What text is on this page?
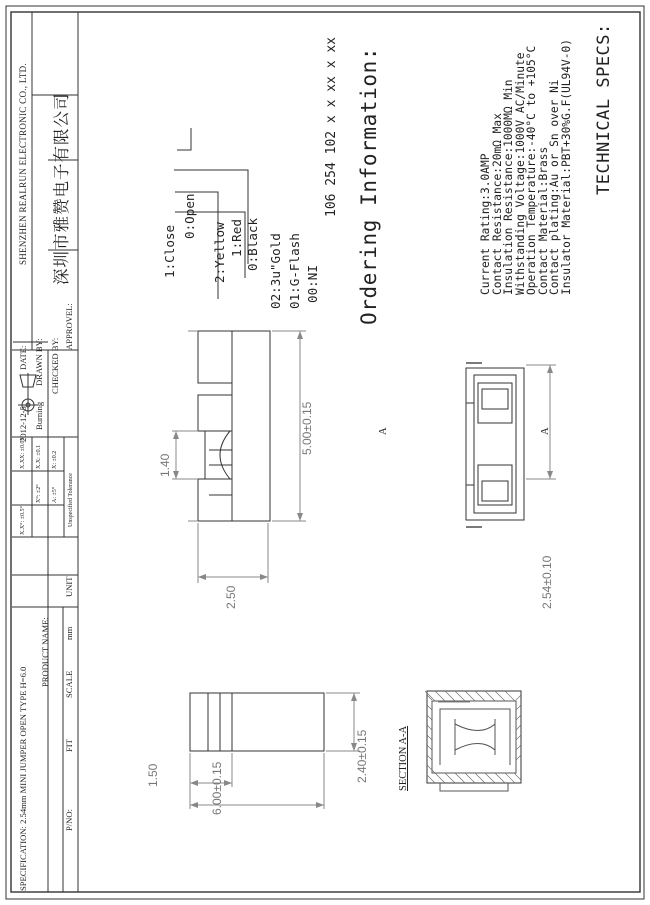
TECHNICAL SPECS:
Current Rating:3.0AMP
Contact Resistance:20mΩ Max
Insulation Resistance:1000MΩ Min
Withstanding Voltage:1000V AC/Minute
Operation Temperature:-40°C to +105°C
Contact Material:Brass
Contact plating:Au or Sn over Ni
Insulator Material:PBT+30%G.F(UL94V-0)
Ordering Information:
106 254 102 x x xx x xx
00:NI
01:G-Flash
02:3u"Gold
0:Black
1:Red
2:Yellow
0:Open
1:Close
5.00±0.15
1.40
2.50
2.40±0.15
1.50	6.00±0.15
2.54±0.10
SECTION A-A
A	A
深圳市雅赞电子有限公司
SHENZHEN REALRUN ELECTRONIC CO., LTD.
APPROVEL:
CHECKED BY:
DRAWN BY:
Burning
DATE:
2012-12-5
Unspecified Tolerance
X: ±0.2
X.X: ±0.1
X.XX: ±0.05
A: ±5°
X°: ±2°
X.X°: ±0.5°
UNIT
mm
SCALE
FIT
P/NO:
PRODUCT NAME:
SPECIFICATION: 2.54mm MINI JUMPER OPEN TYPE H=6.0
